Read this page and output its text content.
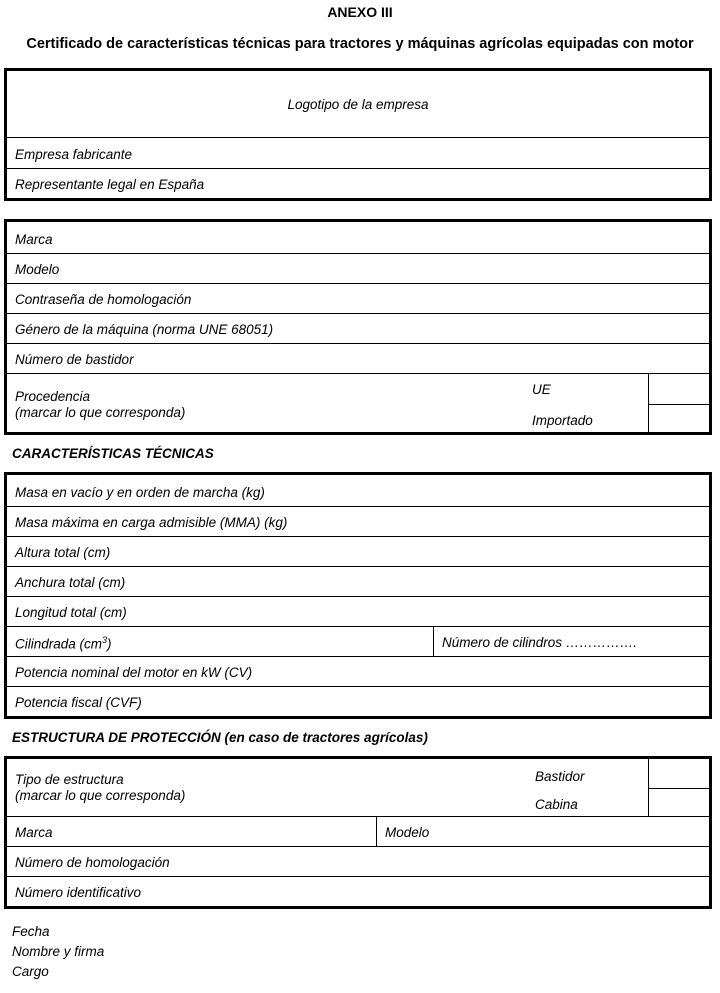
ANEXO III
Certificado de características técnicas para tractores y máquinas agrícolas equipadas con motor
Logotipo de la empresa
Empresa fabricante
Representante legal en España
Marca
Modelo
Contraseña de homologación
Género de la máquina (norma UNE 68051)
Número de bastidor
Procedencia
(marcar lo que corresponda)
UE
Importado
CARACTERÍSTICAS TÉCNICAS
Masa en vacío y en orden de marcha (kg)
Masa máxima en carga admisible (MMA) (kg)
Altura total (cm)
Anchura total (cm)
Longitud total (cm)
Cilindrada $(cm^3)$	Número de cilindros …………….
Potencia nominal del motor en kW (CV)
Potencia fiscal (CVF)
ESTRUCTURA DE PROTECCIÓN (en caso de tractores agrícolas)
Tipo de estructura
(marcar lo que corresponda)
Bastidor
Cabina
Marca	Modelo
Número de homologación
Número identificativo
Fecha
Nombre y firma
Cargo
